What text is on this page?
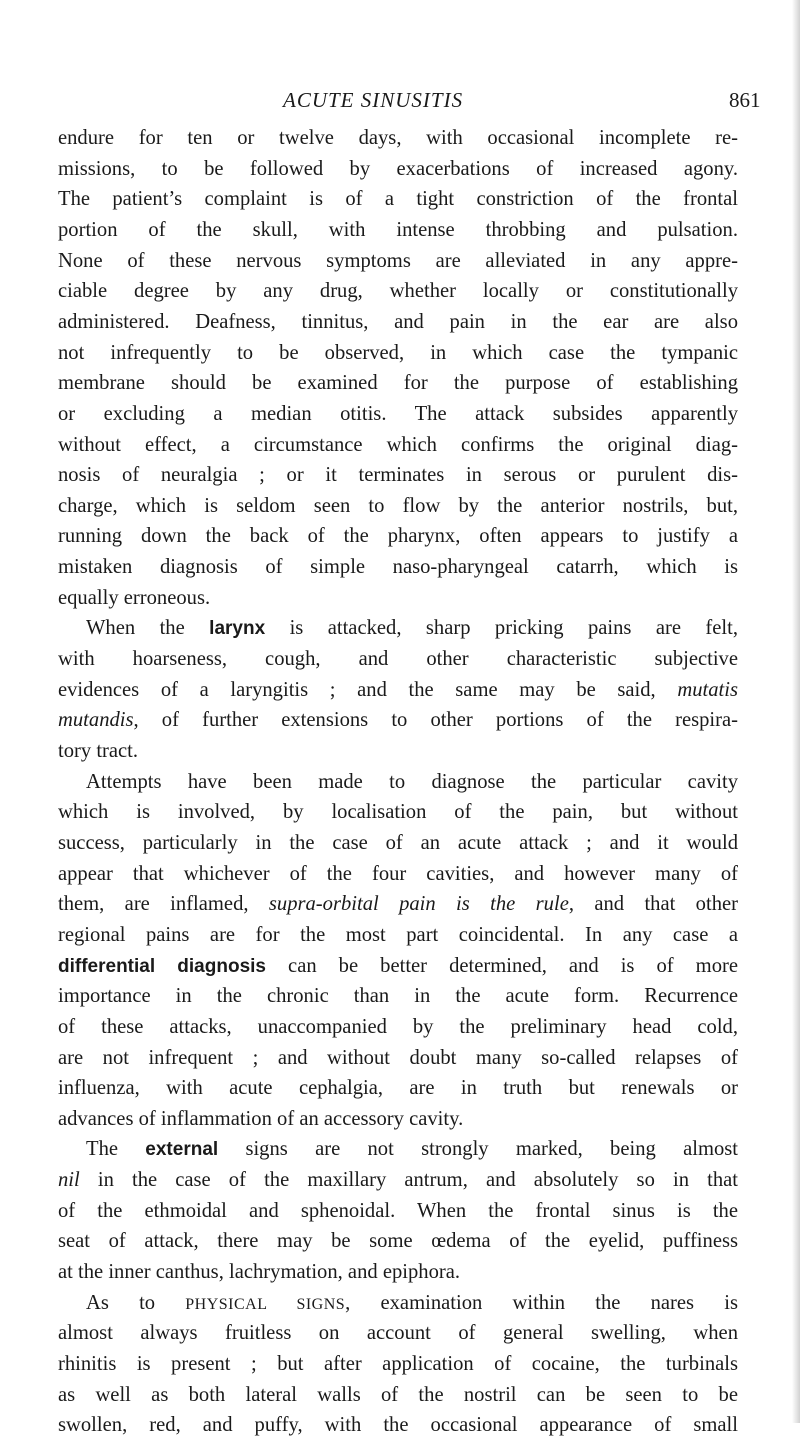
ACUTE SINUSITIS	861
endure for ten or twelve days, with occasional incomplete re-
missions, to be followed by exacerbations of increased agony.
The patient’s complaint is of a tight constriction of the frontal
portion of the skull, with intense throbbing and pulsation.
None of these nervous symptoms are alleviated in any appre-
ciable degree by any drug, whether locally or constitutionally
administered. Deafness, tinnitus, and pain in the ear are also
not infrequently to be observed, in which case the tympanic
membrane should be examined for the purpose of establishing
or excluding a median otitis. The attack subsides apparently
without effect, a circumstance which confirms the original diag-
nosis of neuralgia ; or it terminates in serous or purulent dis-
charge, which is seldom seen to flow by the anterior nostrils, but,
running down the back of the pharynx, often appears to justify a
mistaken diagnosis of simple naso-pharyngeal catarrh, which is
equally erroneous.
When the larynx is attacked, sharp pricking pains are felt,
with hoarseness, cough, and other characteristic subjective
evidences of a laryngitis ; and the same may be said, mutatis
mutandis, of further extensions to other portions of the respira-
tory tract.
Attempts have been made to diagnose the particular cavity
which is involved, by localisation of the pain, but without
success, particularly in the case of an acute attack ; and it would
appear that whichever of the four cavities, and however many of
them, are inflamed, supra-orbital pain is the rule, and that other
regional pains are for the most part coincidental. In any case a
differential diagnosis can be better determined, and is of more
importance in the chronic than in the acute form. Recurrence
of these attacks, unaccompanied by the preliminary head cold,
are not infrequent ; and without doubt many so-called relapses of
influenza, with acute cephalgia, are in truth but renewals or
advances of inflammation of an accessory cavity.
The external signs are not strongly marked, being almost
nil in the case of the maxillary antrum, and absolutely so in that
of the ethmoidal and sphenoidal. When the frontal sinus is the
seat of attack, there may be some œdema of the eyelid, puffiness
at the inner canthus, lachrymation, and epiphora.
As to PHYSICAL SIGNS, examination within the nares is
almost always fruitless on account of general swelling, when
rhinitis is present ; but after application of cocaine, the turbinals
as well as both lateral walls of the nostril can be seen to be
swollen, red, and puffy, with the occasional appearance of small
